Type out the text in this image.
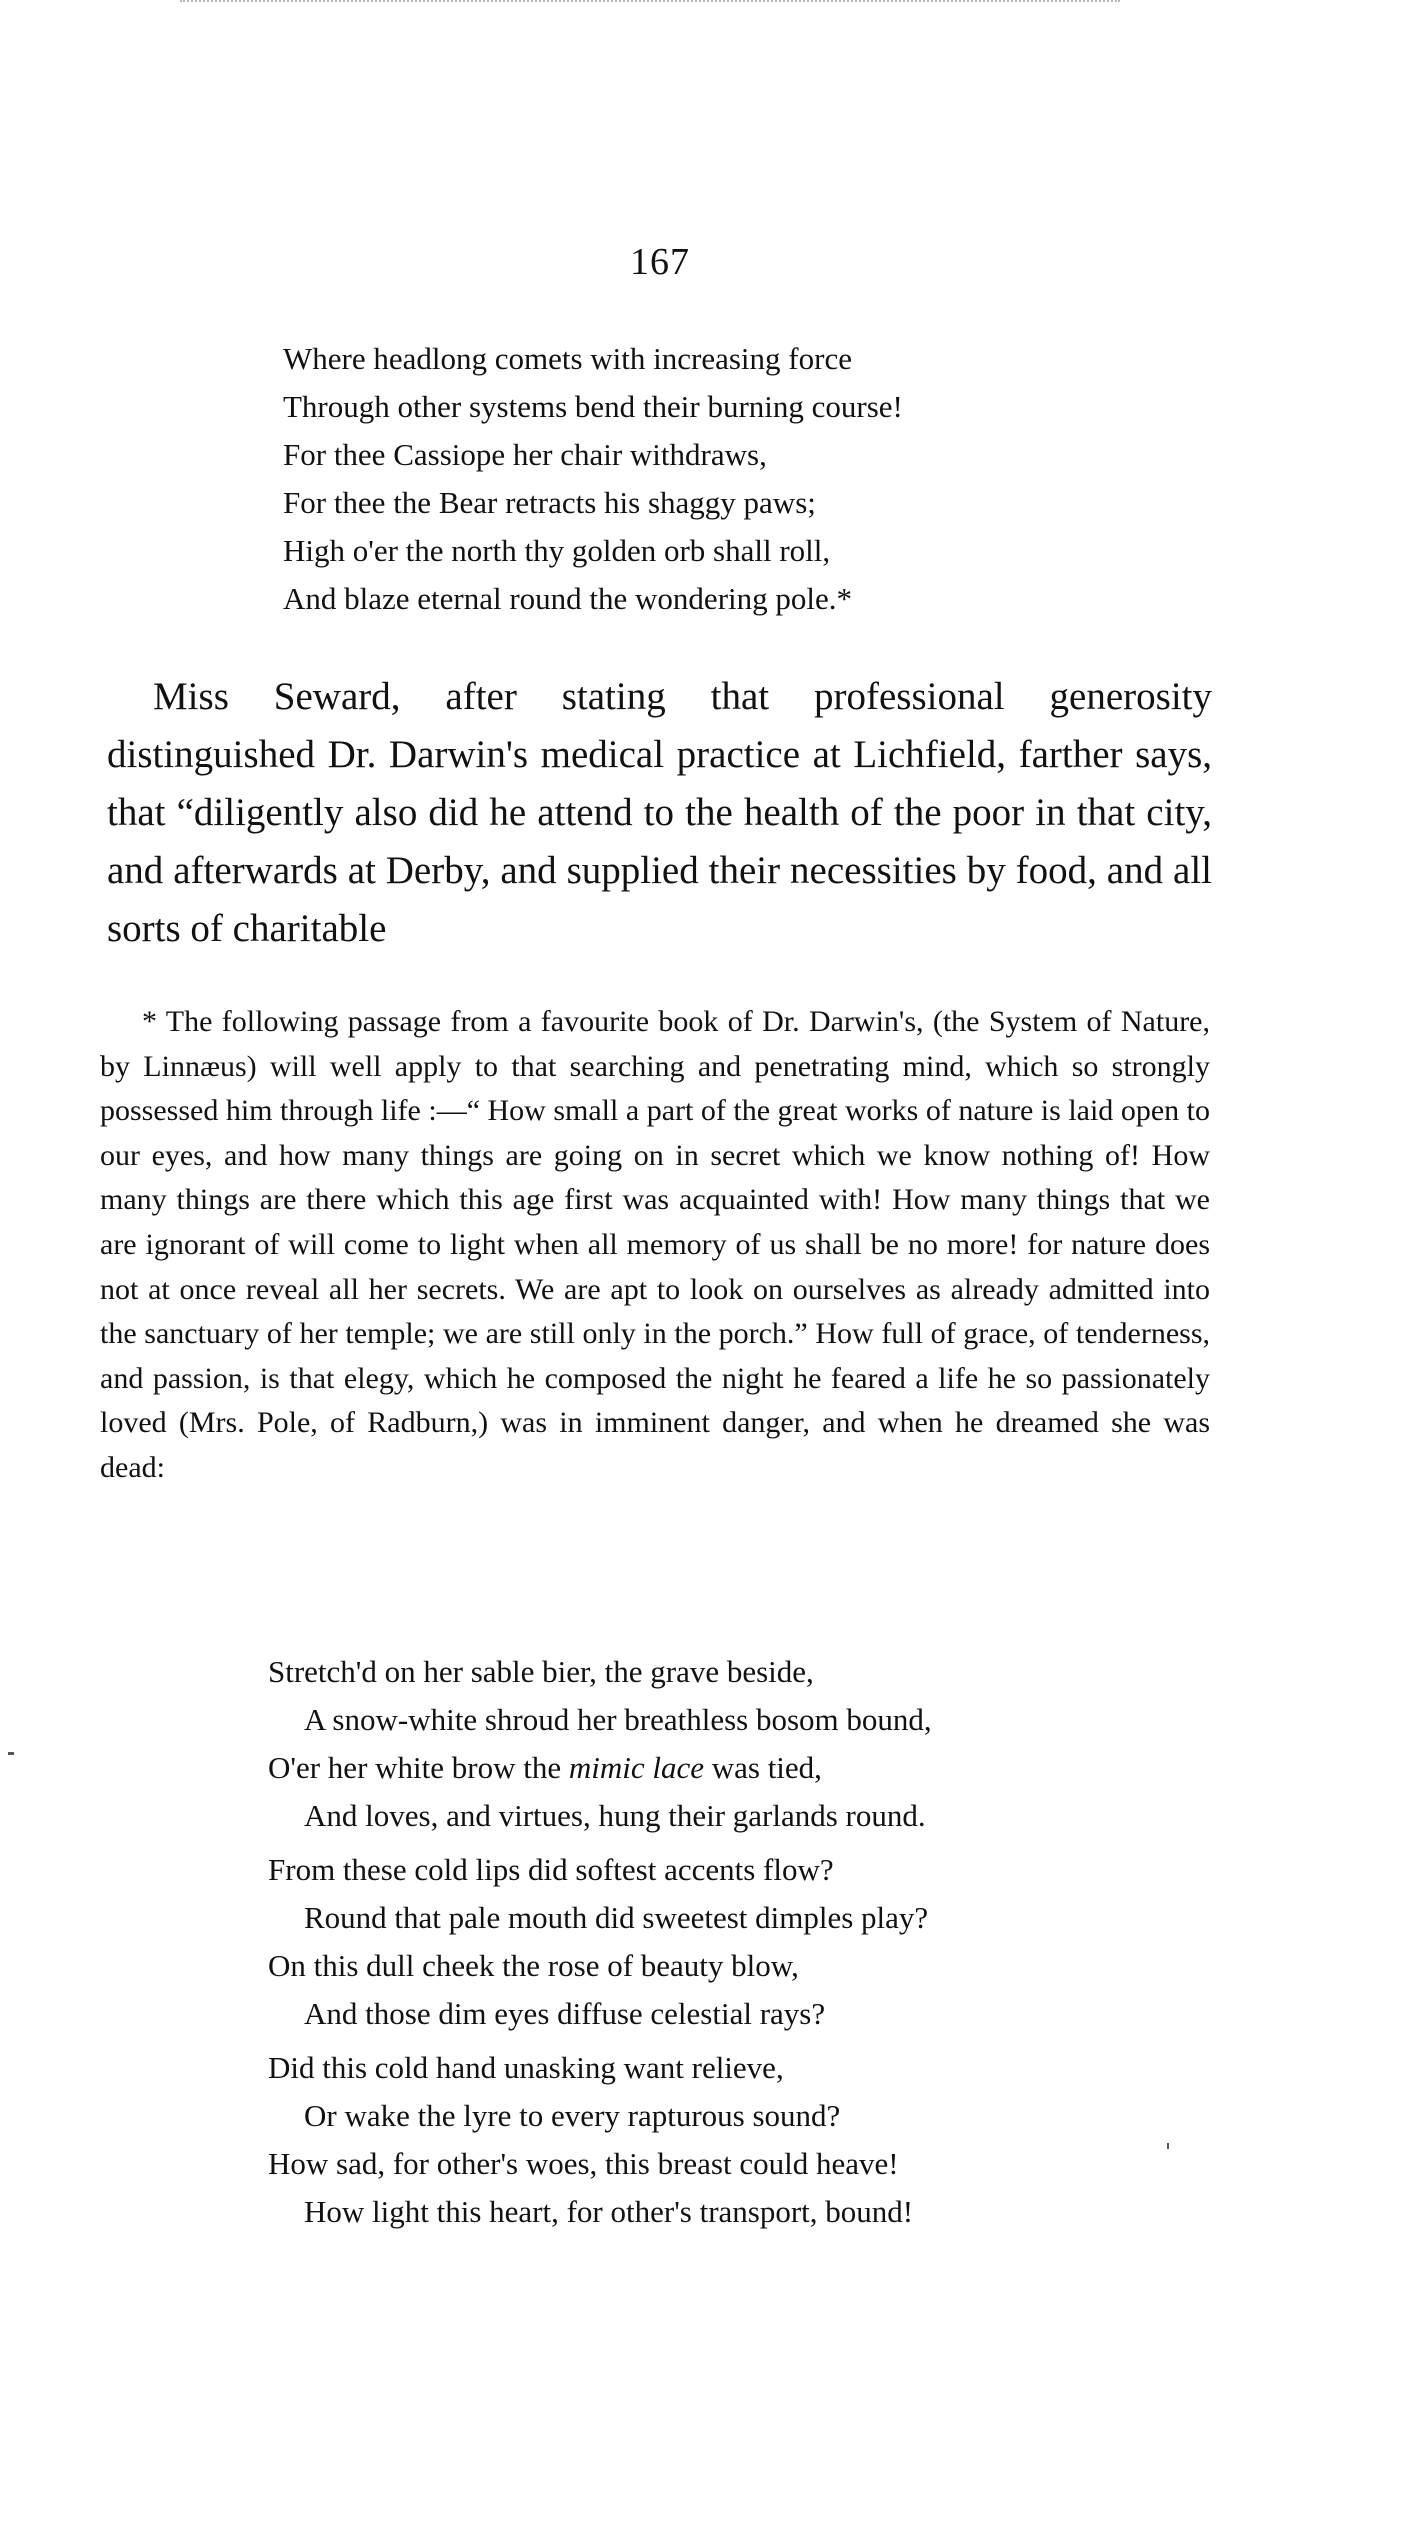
167
Where headlong comets with increasing force
Through other systems bend their burning course!
For thee Cassiope her chair withdraws,
For thee the Bear retracts his shaggy paws;
High o'er the north thy golden orb shall roll,
And blaze eternal round the wondering pole.*

Miss Seward, after stating that professional generosity distinguished Dr. Darwin's medical practice at Lichfield, farther says, that “diligently also did he attend to the health of the poor in that city, and afterwards at Derby, and supplied their necessities by food, and all sorts of charitable

* The following passage from a favourite book of Dr. Darwin's, (the System of Nature, by Linnæus) will well apply to that searching and penetrating mind, which so strongly possessed him through life :—“ How small a part of the great works of nature is laid open to our eyes, and how many things are going on in secret which we know nothing of! How many things are there which this age first was acquainted with! How many things that we are ignorant of will come to light when all memory of us shall be no more! for nature does not at once reveal all her secrets. We are apt to look on ourselves as already admitted into the sanctuary of her temple; we are still only in the porch.” How full of grace, of tenderness, and passion, is that elegy, which he composed the night he feared a life he so passionately loved (Mrs. Pole, of Radburn,) was in imminent danger, and when he dreamed she was dead:

Stretch'd on her sable bier, the grave beside,
A snow-white shroud her breathless bosom bound,
O'er her white brow the mimic lace was tied,
And loves, and virtues, hung their garlands round.
From these cold lips did softest accents flow?
Round that pale mouth did sweetest dimples play?
On this dull cheek the rose of beauty blow,
And those dim eyes diffuse celestial rays?
Did this cold hand unasking want relieve,
Or wake the lyre to every rapturous sound?
How sad, for other's woes, this breast could heave!
How light this heart, for other's transport, bound!
